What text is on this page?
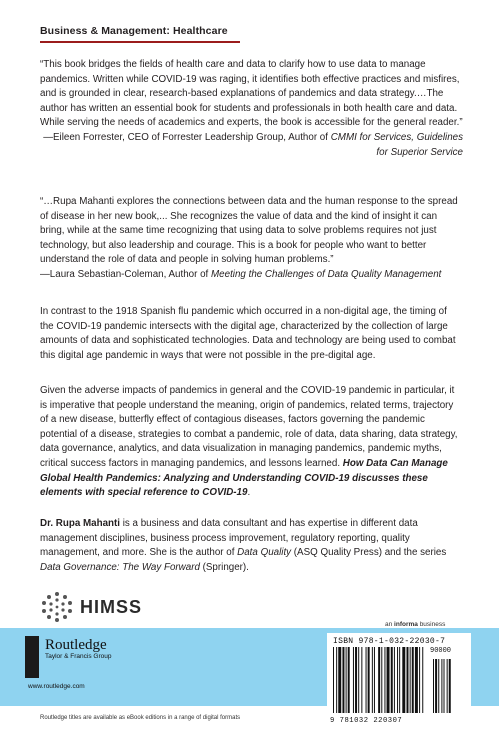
Business & Management: Healthcare

“This book bridges the fields of health care and data to clarify how to use data to manage pandemics. Written while COVID-19 was raging, it identifies both effective practices and misfires, and is grounded in clear, research-based explanations of pandemics and data strategy.…The author has written an essential book for students and professionals in both health care and data. While serving the needs of academics and experts, the book is accessible for the general reader.”

—Eileen Forrester, CEO of Forrester Leadership Group, Author of CMMI for Services, Guidelines for Superior Service

“…Rupa Mahanti explores the connections between data and the human response to the spread of disease in her new book,... She recognizes the value of data and the kind of insight it can bring, while at the same time recognizing that using data to solve problems requires not just technology, but also leadership and courage. This is a book for people who want to better understand the role of data and people in solving human problems.”

—Laura Sebastian-Coleman, Author of Meeting the Challenges of Data Quality Management

In contrast to the 1918 Spanish flu pandemic which occurred in a non-digital age, the timing of the COVID-19 pandemic intersects with the digital age, characterized by the collection of large amounts of data and sophisticated technologies. Data and technology are being used to combat this digital age pandemic in ways that were not possible in the pre-digital age.

Given the adverse impacts of pandemics in general and the COVID-19 pandemic in particular, it is imperative that people understand the meaning, origin of pandemics, related terms, trajectory of a new disease, butterfly effect of contagious diseases, factors governing the pandemic potential of a disease, strategies to combat a pandemic, role of data, data sharing, data strategy, data governance, analytics, and data visualization in managing pandemics, pandemic myths, critical success factors in managing pandemics, and lessons learned. How Data Can Manage Global Health Pandemics: Analyzing and Understanding COVID-19 discusses these elements with special reference to COVID-19.

Dr. Rupa Mahanti is a business and data consultant and has expertise in different data management disciplines, business process improvement, regulatory reporting, quality management, and more. She is the author of Data Quality (ASQ Quality Press) and the series Data Governance: The Way Forward (Springer).

HIMSS
an informa business
Routledge
Taylor & Francis Group
www.routledge.com
Routledge titles are available as eBook editions in a range of digital formats
ISBN 978-1-032-22030-7
90000
9 781032 220307
